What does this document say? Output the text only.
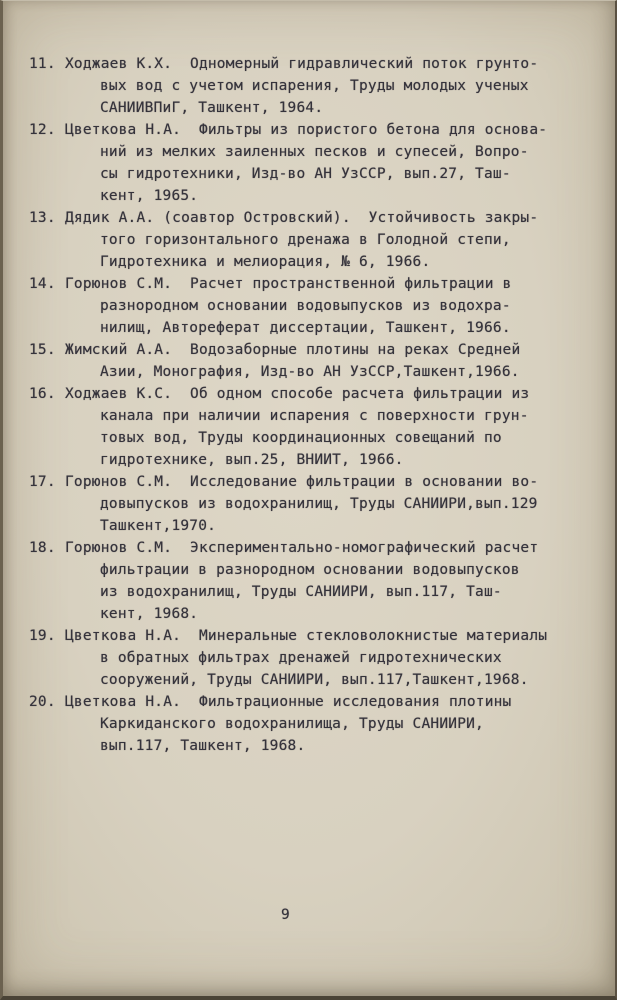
11. Ходжаев К.Х.  Одномерный гидравлический поток грунто-
вых вод с учетом испарения, Труды молодых ученых
САНИИВПиГ, Ташкент, 1964.
12. Цветкова Н.А.  Фильтры из пористого бетона для основа-
ний из мелких заиленных песков и супесей, Вопро-
сы гидротехники, Изд-во АН УзССР, вып.27, Таш-
кент, 1965.
13. Дядик А.А. (соавтор Островский).  Устойчивость закры-
того горизонтального дренажа в Голодной степи,
Гидротехника и мелиорация, № 6, 1966.
14. Горюнов С.М.  Расчет пространственной фильтрации в
разнородном основании водовыпусков из водохра-
нилищ, Автореферат диссертации, Ташкент, 1966.
15. Жимский А.А.  Водозаборные плотины на реках Средней
Азии, Монография, Изд-во АН УзССР,Ташкент,1966.
16. Ходжаев К.С.  Об одном способе расчета фильтрации из
канала при наличии испарения с поверхности грун-
товых вод, Труды координационных совещаний по
гидротехнике, вып.25, ВНИИТ, 1966.
17. Горюнов С.М.  Исследование фильтрации в основании во-
довыпусков из водохранилищ, Труды САНИИРИ,вып.129
Ташкент,1970.
18. Горюнов С.М.  Экспериментально-номографический расчет
фильтрации в разнородном основании водовыпусков
из водохранилищ, Труды САНИИРИ, вып.117, Таш-
кент, 1968.
19. Цветкова Н.А.  Минеральные стекловолокнистые материалы
в обратных фильтрах дренажей гидротехнических
сооружений, Труды САНИИРИ, вып.117,Ташкент,1968.
20. Цветкова Н.А.  Фильтрационные исследования плотины
Каркиданского водохранилища, Труды САНИИРИ,
вып.117, Ташкент, 1968.
9
